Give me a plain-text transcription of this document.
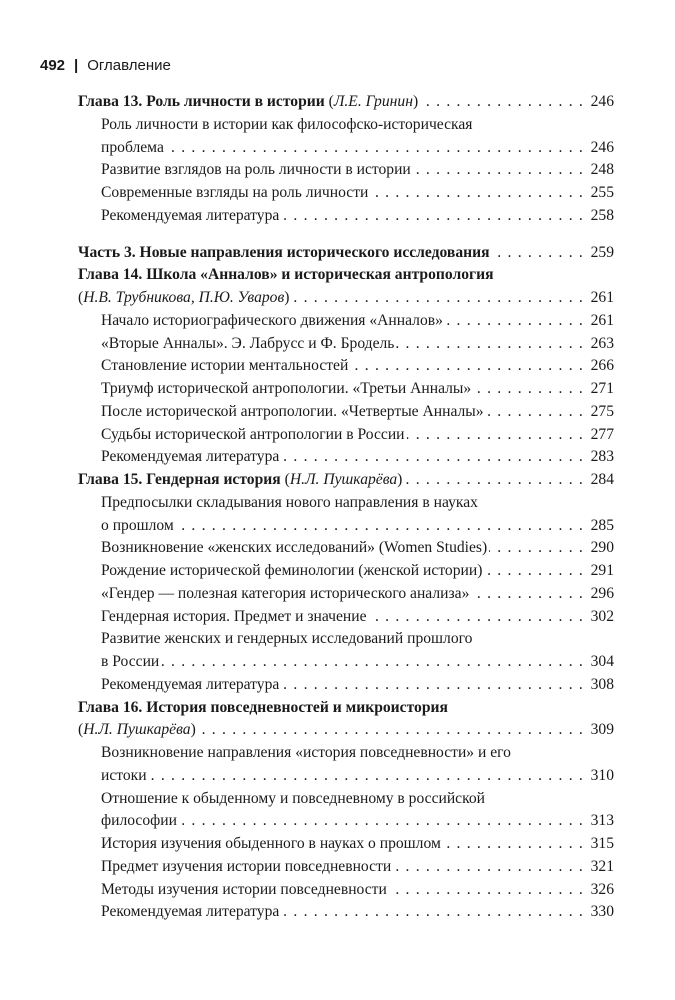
492 | Оглавление
Глава 13. Роль личности в истории (Л.Е. Гринин) . . .	246
Роль личности в истории как философско-историческая
проблема . . .	246
Развитие взглядов на роль личности в истории . . .	248
Современные взгляды на роль личности . . .	255
Рекомендуемая литература . . .	258
Часть 3. Новые направления исторического исследования . . .	259
Глава 14. Школа «Анналов» и историческая антропология
(Н.В. Трубникова, П.Ю. Уваров) . . .	261
Начало историографического движения «Анналов» . . .	261
«Вторые Анналы». Э. Лабрусс и Ф. Бродель . . .	263
Становление истории ментальностей . . .	266
Триумф исторической антропологии. «Третьи Анналы» . . .	271
После исторической антропологии. «Четвертые Анналы» . . .	275
Судьбы исторической антропологии в России . . .	277
Рекомендуемая литература . . .	283
Глава 15. Гендерная история (Н.Л. Пушкарёва) . . .	284
Предпосылки складывания нового направления в науках
о прошлом . . .	285
Возникновение «женских исследований» (Women Studies) . . .	290
Рождение исторической феминологии (женской истории) . . .	291
«Гендер — полезная категория исторического анализа» . . .	296
Гендерная история. Предмет и значение . . .	302
Развитие женских и гендерных исследований прошлого
в России . . .	304
Рекомендуемая литература . . .	308
Глава 16. История повседневностей и микроистория
(Н.Л. Пушкарёва) . . .	309
Возникновение направления «история повседневности» и его
истоки . . .	310
Отношение к обыденному и повседневному в российской
философии . . .	313
История изучения обыденного в науках о прошлом . . .	315
Предмет изучения истории повседневности . . .	321
Методы изучения истории повседневности . . .	326
Рекомендуемая литература . . .	330
